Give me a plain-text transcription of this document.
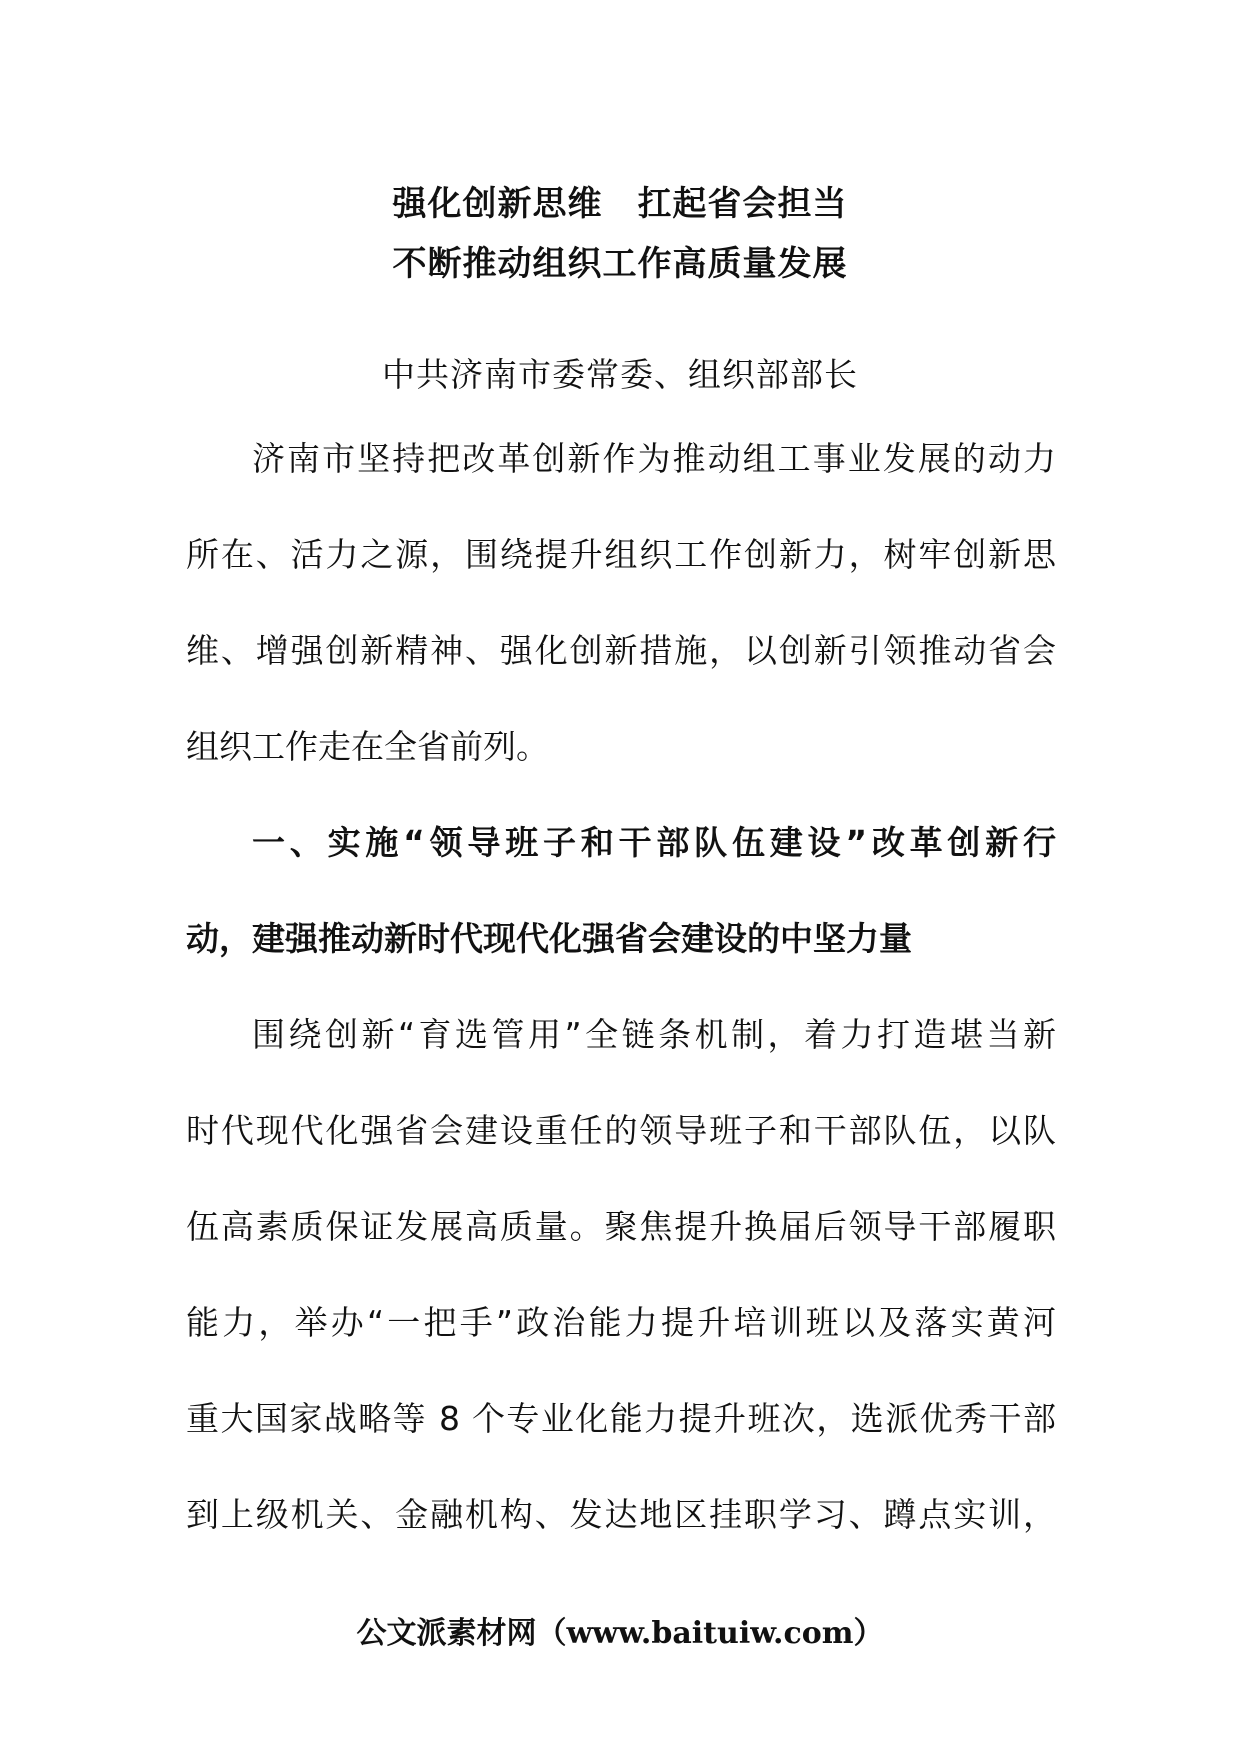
强化创新思维　扛起省会担当
不断推动组织工作高质量发展
中共济南市委常委、组织部部长
济南市坚持把改革创新作为推动组工事业发展的动力
所在、活力之源，围绕提升组织工作创新力，树牢创新思
维、增强创新精神、强化创新措施，以创新引领推动省会
组织工作走在全省前列。
一、实施“领导班子和干部队伍建设”改革创新行
动，建强推动新时代现代化强省会建设的中坚力量
围绕创新“育选管用”全链条机制，着力打造堪当新
时代现代化强省会建设重任的领导班子和干部队伍，以队
伍高素质保证发展高质量。聚焦提升换届后领导干部履职
能力，举办“一把手”政治能力提升培训班以及落实黄河
重大国家战略等 8 个专业化能力提升班次，选派优秀干部
到上级机关、金融机构、发达地区挂职学习、蹲点实训，
公文派素材网（www.baituiw.com）
